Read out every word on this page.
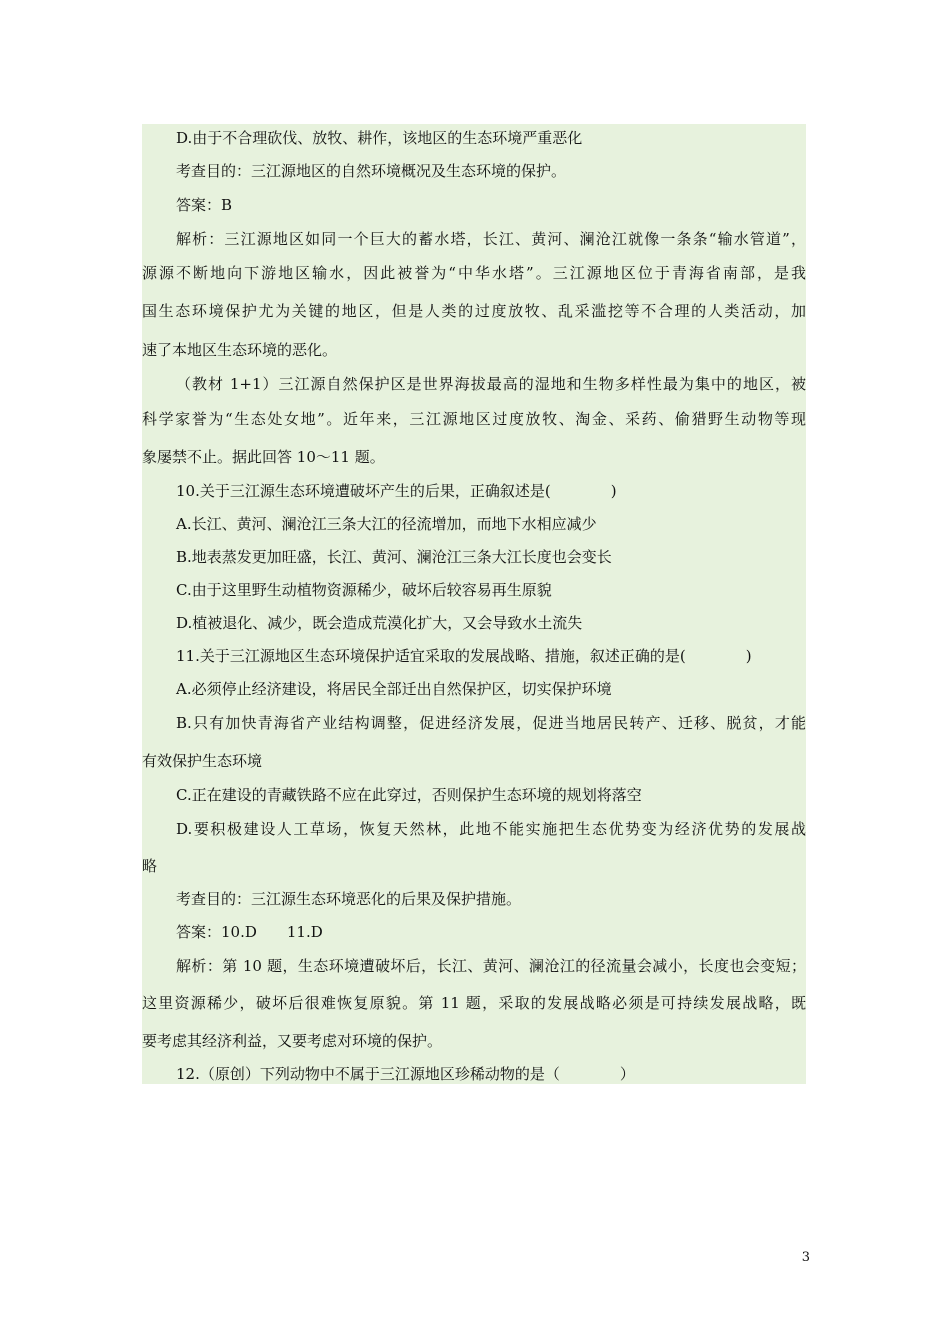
D.由于不合理砍伐、放牧、耕作，该地区的生态环境严重恶化
考查目的：三江源地区的自然环境概况及生态环境的保护。
答案：B
解析：三江源地区如同一个巨大的蓄水塔，长江、黄河、澜沧江就像一条条“输水管道”，
源源不断地向下游地区输水，因此被誉为“中华水塔”。三江源地区位于青海省南部，是我
国生态环境保护尤为关键的地区，但是人类的过度放牧、乱采滥挖等不合理的人类活动，加
速了本地区生态环境的恶化。
（教材 1+1）三江源自然保护区是世界海拔最高的湿地和生物多样性最为集中的地区，被
科学家誉为“生态处女地”。近年来，三江源地区过度放牧、淘金、采药、偷猎野生动物等现
象屡禁不止。据此回答 10～11 题。
10.关于三江源生态环境遭破坏产生的后果，正确叙述是(　　　　)
A.长江、黄河、澜沧江三条大江的径流增加，而地下水相应减少
B.地表蒸发更加旺盛，长江、黄河、澜沧江三条大江长度也会变长
C.由于这里野生动植物资源稀少，破坏后较容易再生原貌
D.植被退化、减少，既会造成荒漠化扩大，又会导致水土流失
11.关于三江源地区生态环境保护适宜采取的发展战略、措施，叙述正确的是(　　　　)
A.必须停止经济建设，将居民全部迁出自然保护区，切实保护环境
B.只有加快青海省产业结构调整，促进经济发展，促进当地居民转产、迁移、脱贫，才能
有效保护生态环境
C.正在建设的青藏铁路不应在此穿过，否则保护生态环境的规划将落空
D.要积极建设人工草场，恢复天然林，此地不能实施把生态优势变为经济优势的发展战
略
考查目的：三江源生态环境恶化的后果及保护措施。
答案：10.D　　11.D
解析：第 10 题，生态环境遭破坏后，长江、黄河、澜沧江的径流量会减小，长度也会变短；
这里资源稀少，破坏后很难恢复原貌。第 11 题，采取的发展战略必须是可持续发展战略，既
要考虑其经济利益，又要考虑对环境的保护。
12.（原创）下列动物中不属于三江源地区珍稀动物的是（　　　　）
3
